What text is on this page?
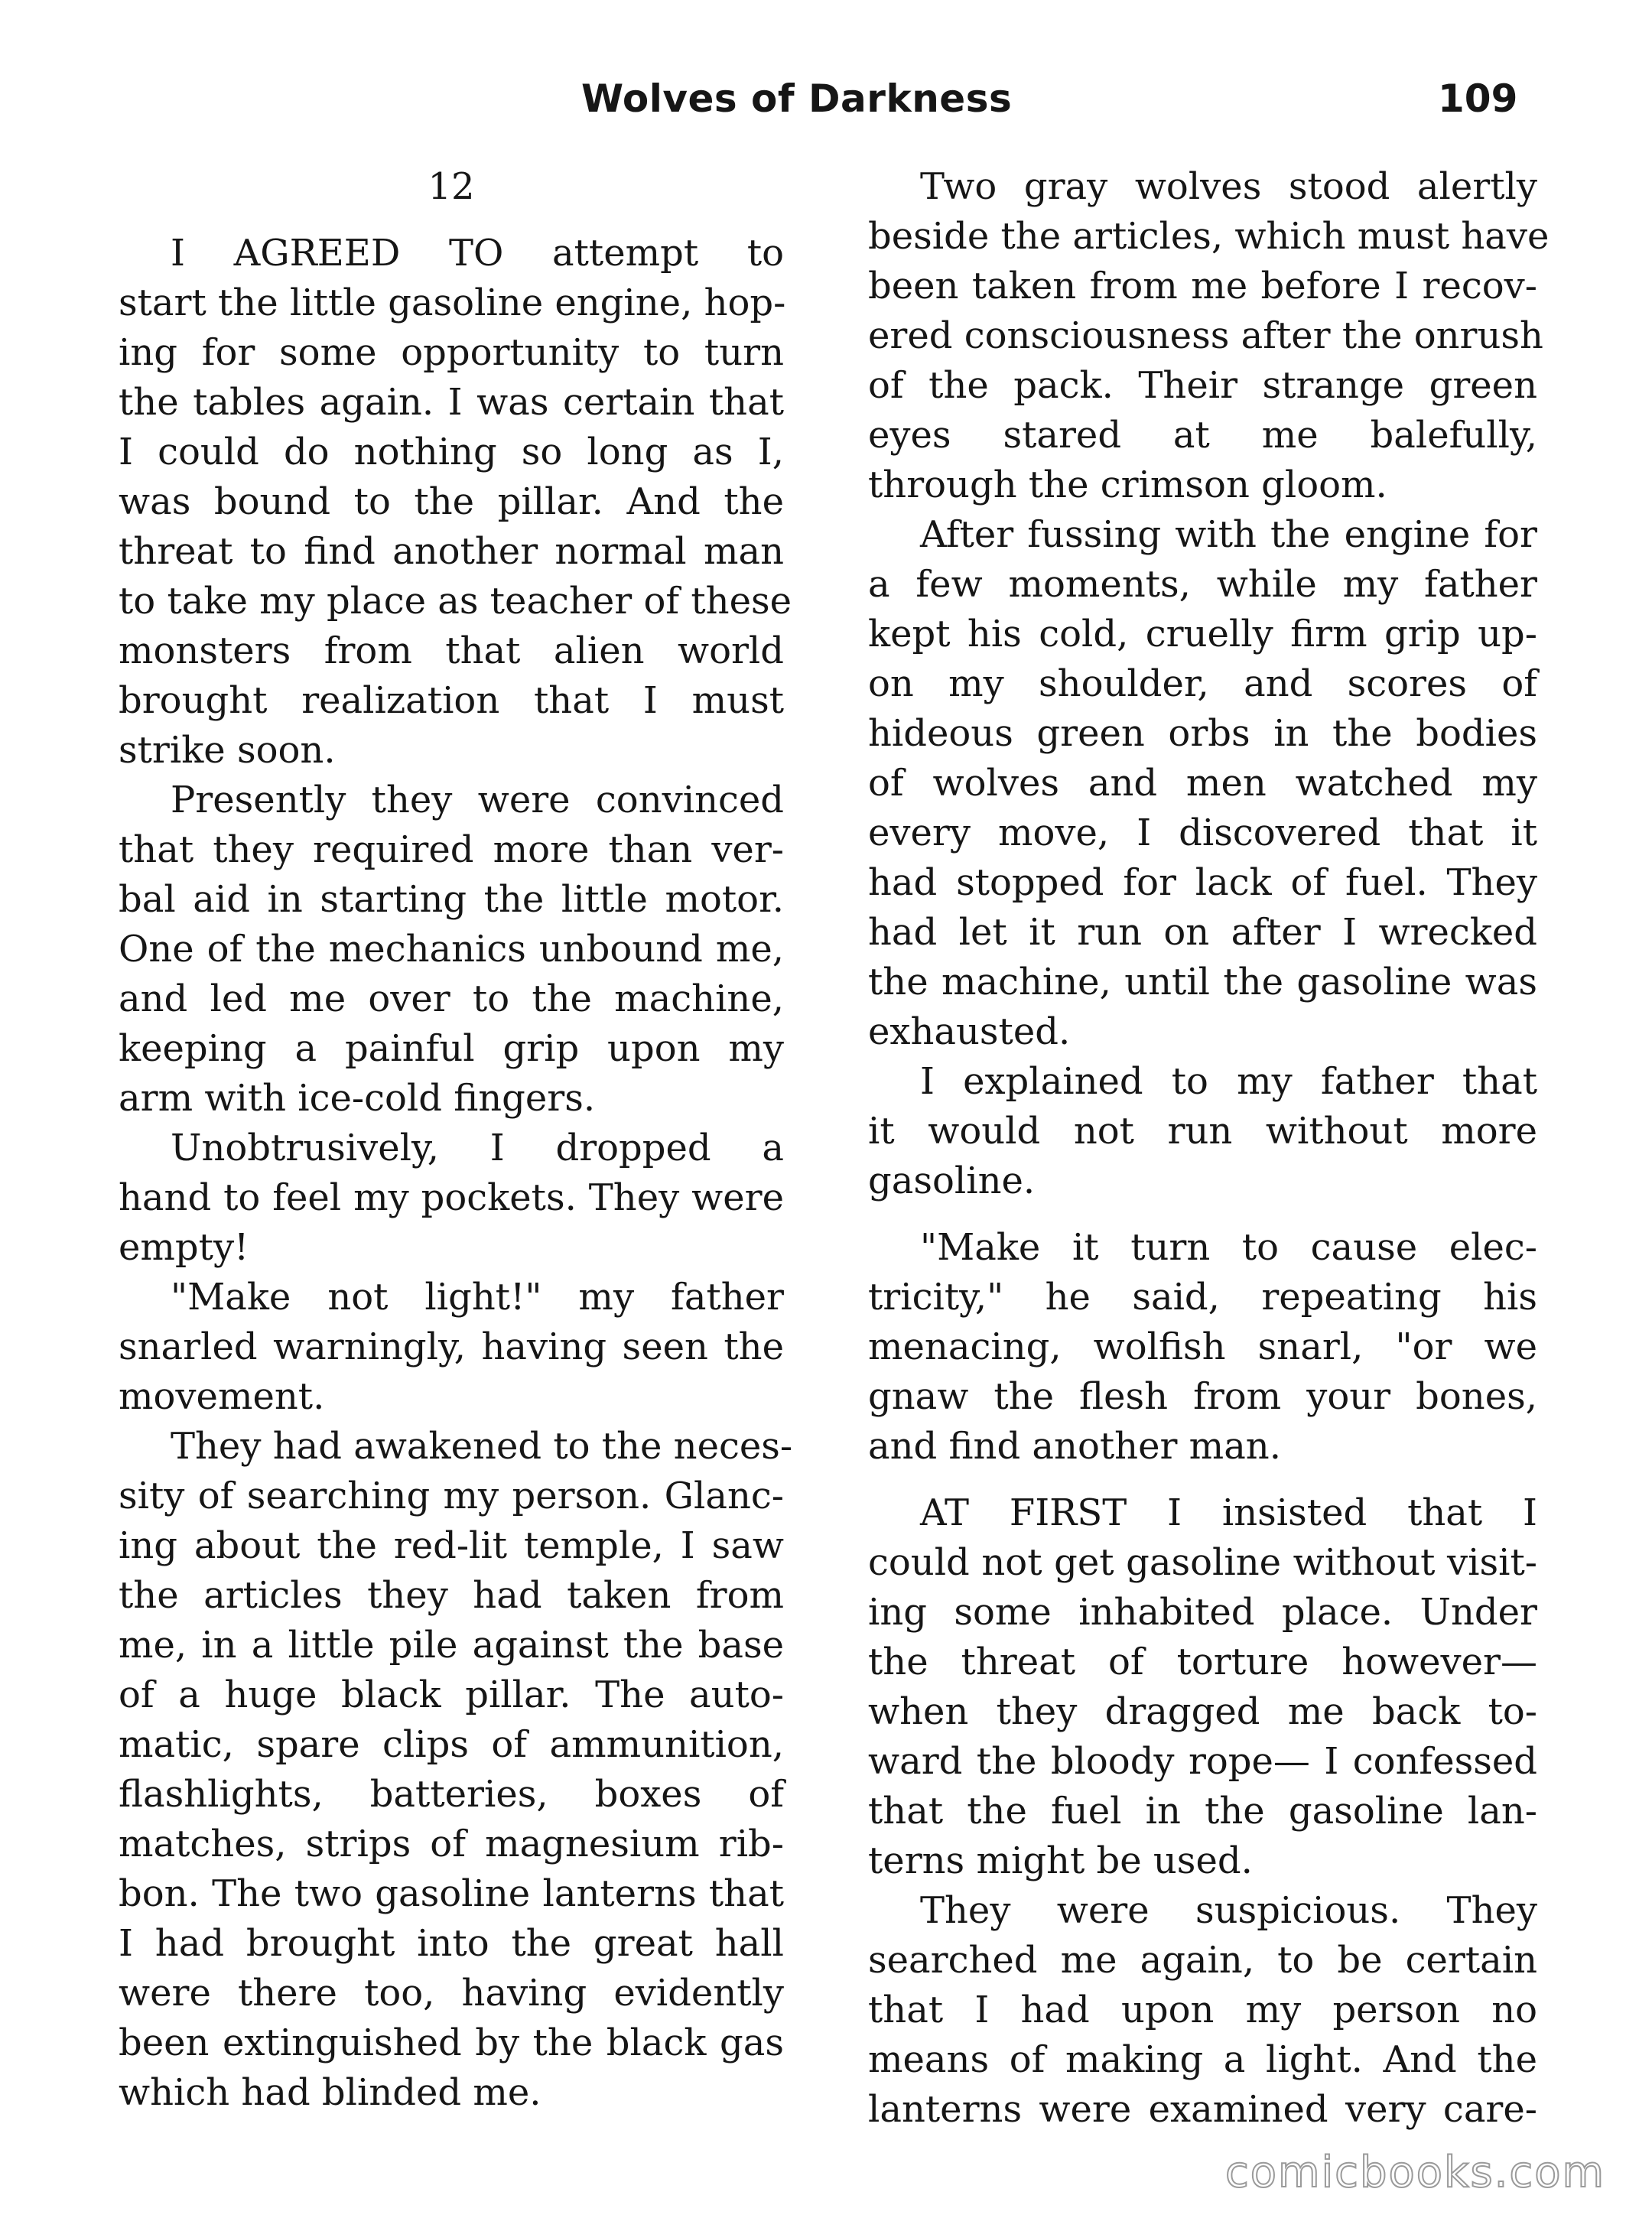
Wolves of Darkness	109
12
I AGREED TO attempt to
start the little gasoline engine, hop-
ing for some opportunity to turn
the tables again. I was certain that
I could do nothing so long as I,
was bound to the pillar. And the
threat to find another normal man
to take my place as teacher of these
monsters from that alien world
brought realization that I must
strike soon.
Presently they were convinced
that they required more than ver-
bal aid in starting the little motor.
One of the mechanics unbound me,
and led me over to the machine,
keeping a painful grip upon my
arm with ice-cold fingers.
Unobtrusively, I dropped a
hand to feel my pockets. They were
empty!
"Make not light!" my father
snarled warningly, having seen the
movement.
They had awakened to the neces-
sity of searching my person. Glanc-
ing about the red-lit temple, I saw
the articles they had taken from
me, in a little pile against the base
of a huge black pillar. The auto-
matic, spare clips of ammunition,
flashlights, batteries, boxes of
matches, strips of magnesium rib-
bon. The two gasoline lanterns that
I had brought into the great hall
were there too, having evidently
been extinguished by the black gas
which had blinded me.
Two gray wolves stood alertly
beside the articles, which must have
been taken from me before I recov-
ered consciousness after the onrush
of the pack. Their strange green
eyes stared at me balefully,
through the crimson gloom.
After fussing with the engine for
a few moments, while my father
kept his cold, cruelly firm grip up-
on my shoulder, and scores of
hideous green orbs in the bodies
of wolves and men watched my
every move, I discovered that it
had stopped for lack of fuel. They
had let it run on after I wrecked
the machine, until the gasoline was
exhausted.
I explained to my father that
it would not run without more
gasoline.
"Make it turn to cause elec-
tricity," he said, repeating his
menacing, wolfish snarl, "or we
gnaw the flesh from your bones,
and find another man.
AT FIRST I insisted that I
could not get gasoline without visit-
ing some inhabited place. Under
the threat of torture however—
when they dragged me back to-
ward the bloody rope— I confessed
that the fuel in the gasoline lan-
terns might be used.
They were suspicious. They
searched me again, to be certain
that I had upon my person no
means of making a light. And the
lanterns were examined very care-
comicbooks.com
